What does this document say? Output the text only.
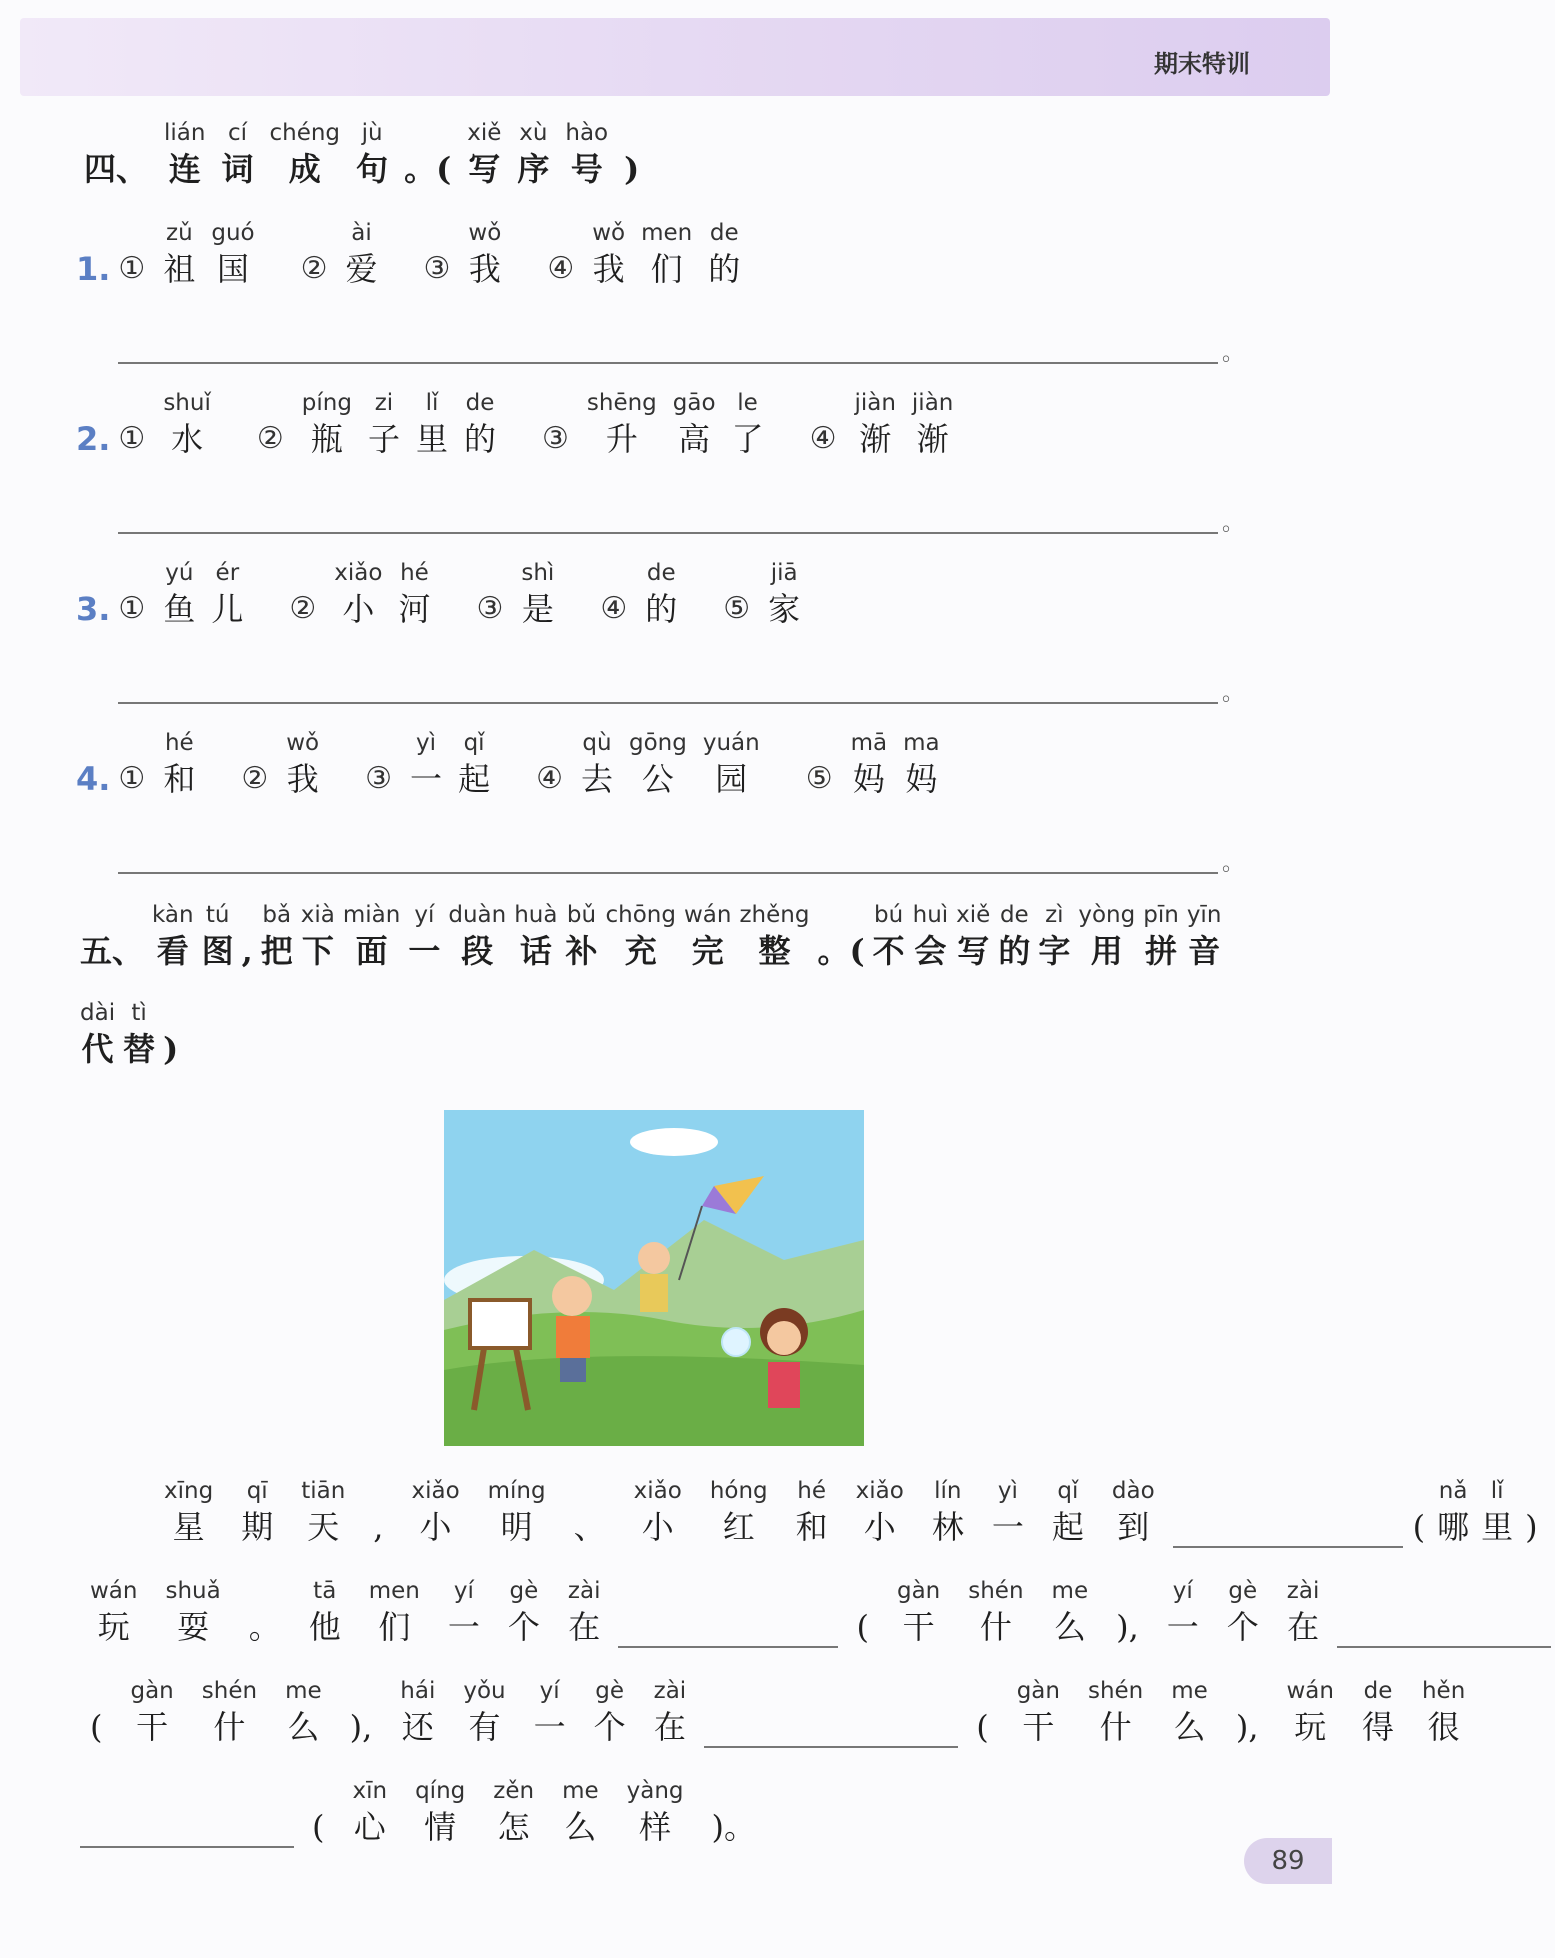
期末特训
四、
lián
连
cí
词
chéng
成
jù
句 。(
xiě
写
xù
序
hào
号 )
1. ①
zǔ
祖
guó
国 ②
ài
爱 ③
wǒ
我 ④
wǒ
我
men
们
de
的
。
2. ①
shuǐ
水 ②
píng
瓶
zi
子
lǐ
里
de
的 ③
shēng
升
gāo
高
le
了 ④
jiàn
渐
jiàn
渐
。
3. ①
yú
鱼
ér
儿 ②
xiǎo
小
hé
河 ③
shì
是 ④
de
的 ⑤
jiā
家
。
4. ①
hé
和 ②
wǒ
我 ③
yì
一
qǐ
起 ④
qù
去
gōng
公
yuán
园 ⑤
mā
妈
ma
妈
。
五、
kàn
看
tú
图 ,
bǎ
把
xià
下
miàn
面
yí
一
duàn
段
huà
话
bǔ
补
chōng
充
wán
完
zhěng
整 。(
bú
不
huì
会
xiě
写
de
的
zì
字
yòng
用
pīn
拼
yīn
音
dài
代
tì
替 )
xīng
星
qī
期
tiān
天 ,
xiǎo
小
míng
明 、
xiǎo
小
hóng
红
hé
和
xiǎo
小
lín
林
yì
一
qǐ
起
dào
到	(
nǎ
哪
lǐ
里 )
wán
玩
shuǎ
耍 。
tā
他
men
们
yí
一
gè
个
zài
在	(
gàn
干
shén
什
me
么 ),
yí
一
gè
个
zài
在
(
gàn
干
shén
什
me
么 ),
hái
还
yǒu
有
yí
一
gè
个
zài
在	(
gàn
干
shén
什
me
么 ),
wán
玩
de
得
hěn
很
(
xīn
心
qíng
情
zěn
怎
me
么
yàng
样 )。
89
